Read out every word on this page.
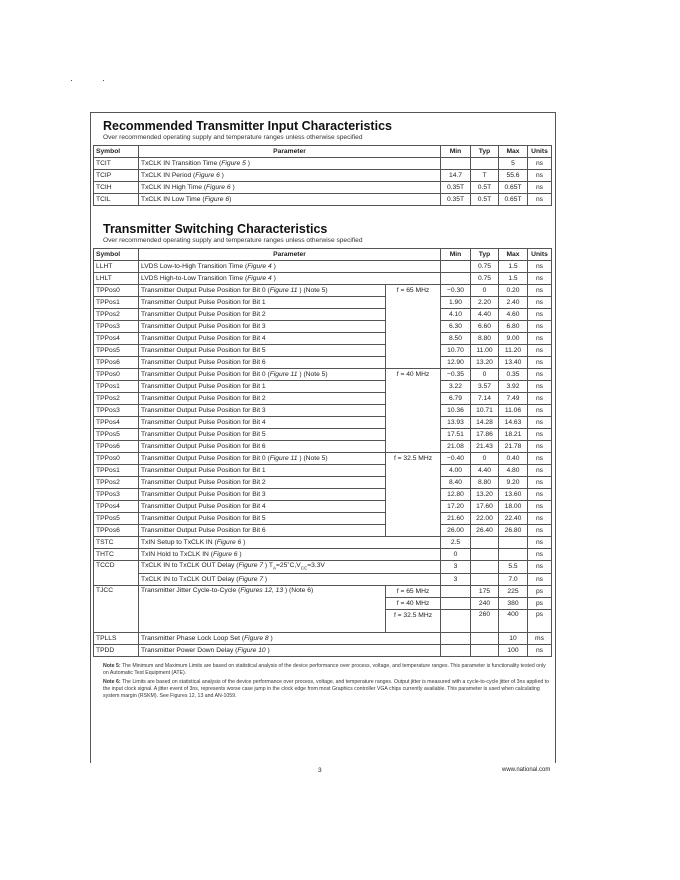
Recommended Transmitter Input Characteristics

Over recommended operating supply and temperature ranges unless otherwise specified

Symbol	Parameter	Min	Typ	Max	Units
TCIT	TxCLK IN Transition Time (Figure 5 )			5	ns
TCIP	TxCLK IN Period (Figure 6 )	14.7	T	55.6	ns
TCIH	TxCLK IN High Time (Figure 6 )	0.35T	0.5T	0.65T	ns
TCIL	TxCLK IN Low Time (Figure 6)	0.35T	0.5T	0.65T	ns
Transmitter Switching Characteristics

Over recommended operating supply and temperature ranges unless otherwise specified

Symbol	Parameter		Min	Typ	Max	Units
LLHT	LVDS Low-to-High Transition Time (Figure 4 )			0.75	1.5	ns
LHLT	LVDS High-to-Low Transition Time (Figure 4 )			0.75	1.5	ns
TPPos0	Transmitter Output Pulse Position for Bit 0 (Figure 11 ) (Note 5)	f = 65 MHz	−0.30	0	0.20	ns
TPPos1	Transmitter Output Pulse Position for Bit 1		1.90	2.20	2.40	ns
TPPos2	Transmitter Output Pulse Position for Bit 2		4.10	4.40	4.60	ns
TPPos3	Transmitter Output Pulse Position for Bit 3		6.30	6.60	6.80	ns
TPPos4	Transmitter Output Pulse Position for Bit 4		8.50	8.80	9.00	ns
TPPos5	Transmitter Output Pulse Position for Bit 5		10.70	11.00	11.20	ns
TPPos6	Transmitter Output Pulse Position for Bit 6		12.90	13.20	13.40	ns
TPPos0	Transmitter Output Pulse Position for Bit 0 (Figure 11 ) (Note 5)	f = 40 MHz	−0.35	0	0.35	ns
TPPos1	Transmitter Output Pulse Position for Bit 1		3.22	3.57	3.92	ns
TPPos2	Transmitter Output Pulse Position for Bit 2		6.79	7.14	7.49	ns
TPPos3	Transmitter Output Pulse Position for Bit 3		10.36	10.71	11.06	ns
TPPos4	Transmitter Output Pulse Position for Bit 4		13.93	14.28	14.63	ns
TPPos5	Transmitter Output Pulse Position for Bit 5		17.51	17.86	18.21	ns
TPPos6	Transmitter Output Pulse Position for Bit 6		21.08	21.43	21.78	ns
TPPos0	Transmitter Output Pulse Position for Bit 0 (Figure 11 ) (Note 5)	f = 32.5 MHz	−0.40	0	0.40	ns
TPPos1	Transmitter Output Pulse Position for Bit 1		4.00	4.40	4.80	ns
TPPos2	Transmitter Output Pulse Position for Bit 2		8.40	8.80	9.20	ns
TPPos3	Transmitter Output Pulse Position for Bit 3		12.80	13.20	13.60	ns
TPPos4	Transmitter Output Pulse Position for Bit 4		17.20	17.60	18.00	ns
TPPos5	Transmitter Output Pulse Position for Bit 5		21.60	22.00	22.40	ns
TPPos6	Transmitter Output Pulse Position for Bit 6		26.00	26.40	26.80	ns
TSTC	TxIN Setup to TxCLK IN (Figure 6 )		2.5			ns
THTC	TxIN Hold to TxCLK IN (Figure 6 )		0			ns
TCCD	TxCLK IN to TxCLK OUT Delay (Figure 7 ) $T_A=25˚C,V_{CC}=3.3V$		3		5.5	ns
	TxCLK IN to TxCLK OUT Delay (Figure 7 )		3		7.0	ns
TJCC	Transmitter Jitter Cycle-to-Cycle (Figures 12, 13 ) (Note 6)	f = 65 MHz		175	225	ps
		f = 40 MHz		240	380	ps
		f = 32.5 MHz		260	400	ps
TPLLS	Transmitter Phase Lock Loop Set (Figure 8 )				10	ms
TPDD	Transmitter Power Down Delay (Figure 10 )				100	ns

Note 5: The Minimum and Maximum Limits are based on statistical analysis of the device performance over process, voltage, and temperature ranges. This parameter is functionality tested only on Automatic Test Equipment (ATE).

Note 6: The Limits are based on statistical analysis of the device performance over process, voltage, and temperature ranges. Output jitter is measured with a cycle-to-cycle jitter of 3ns applied to the input clock signal. A jitter event of 3ns, represents worse case jump in the clock edge from most Graphics controller VGA chips currently available. This parameter is used when calculating system margin (RSKM). See Figures 12, 13 and AN-1059.

3	www.national.com
